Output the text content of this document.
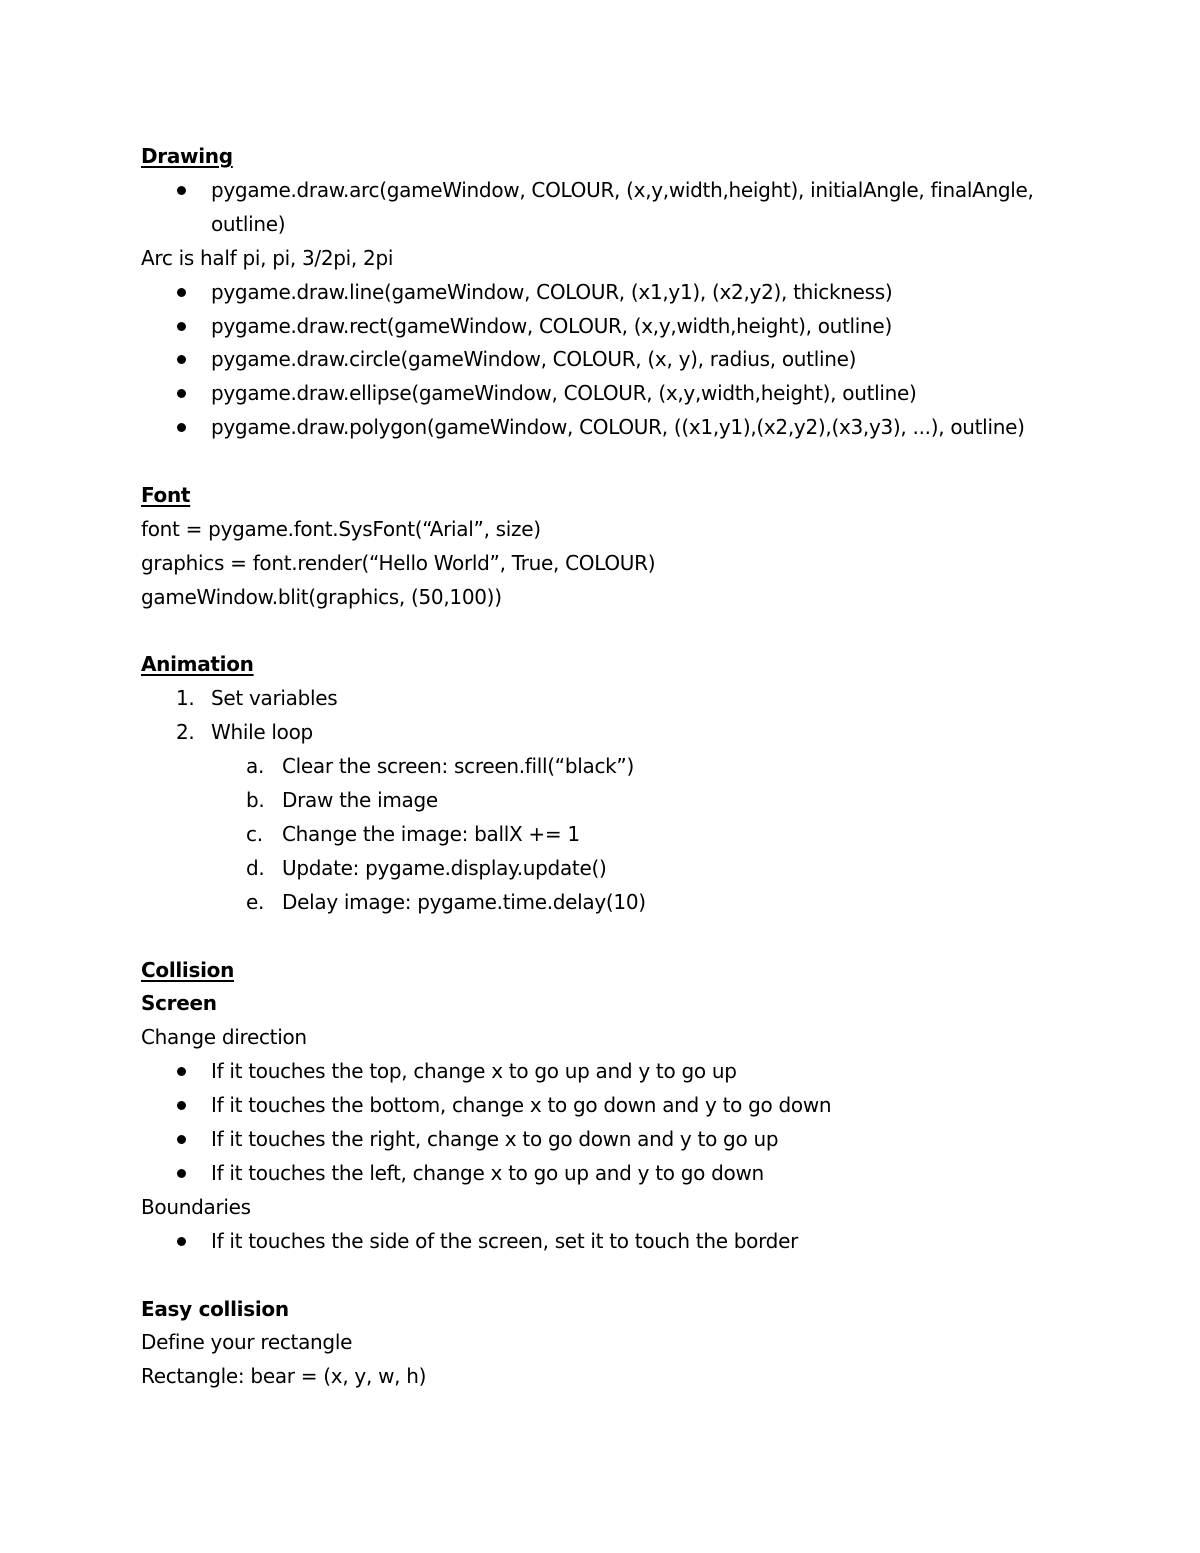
Drawing
pygame.draw.arc(gameWindow, COLOUR, (x,y,width,height), initialAngle, finalAngle, outline)
Arc is half pi, pi, 3/2pi, 2pi
pygame.draw.line(gameWindow, COLOUR, (x1,y1), (x2,y2), thickness)
pygame.draw.rect(gameWindow, COLOUR, (x,y,width,height), outline)
pygame.draw.circle(gameWindow, COLOUR, (x, y), radius, outline)
pygame.draw.ellipse(gameWindow, COLOUR, (x,y,width,height), outline)
pygame.draw.polygon(gameWindow, COLOUR, ((x1,y1),(x2,y2),(x3,y3), ...), outline)
Font
font = pygame.font.SysFont(“Arial”, size)
graphics = font.render(“Hello World”, True, COLOUR)
gameWindow.blit(graphics, (50,100))
Animation
1. Set variables
2. While loop
a. Clear the screen: screen.fill(“black”)
b. Draw the image
c. Change the image: ballX += 1
d. Update: pygame.display.update()
e. Delay image: pygame.time.delay(10)
Collision
Screen
Change direction
If it touches the top, change x to go up and y to go up
If it touches the bottom, change x to go down and y to go down
If it touches the right, change x to go down and y to go up
If it touches the left, change x to go up and y to go down
Boundaries
If it touches the side of the screen, set it to touch the border
Easy collision
Define your rectangle
Rectangle: bear = (x, y, w, h)
